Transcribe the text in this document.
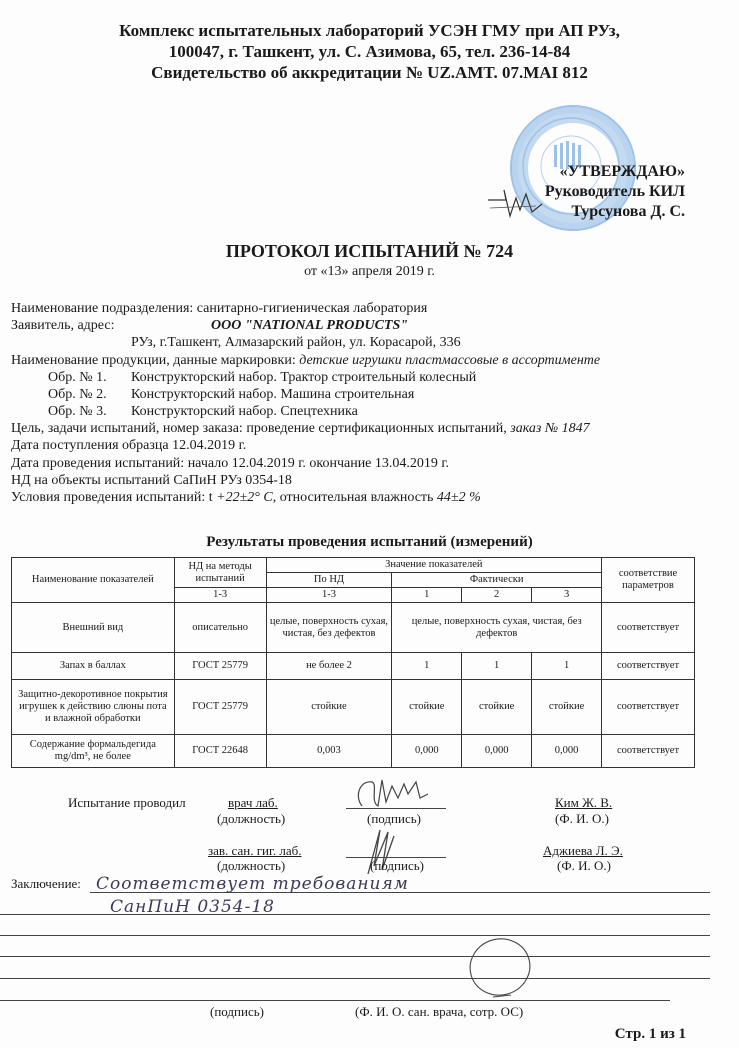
Комплекс испытательных лабораторий УСЭН ГМУ при АП РУз,
100047, г. Ташкент, ул. С. Азимова, 65, тел. 236-14-84
Свидетельство об аккредитации № UZ.AMT. 07.MAI 812
«УТВЕРЖДАЮ»
Руководитель КИЛ
Турсунова Д. С.
ПРОТОКОЛ ИСПЫТАНИЙ № 724
от «13» апреля 2019 г.
Наименование подразделения: санитарно-гигиеническая лаборатория
Заявитель, адрес:	ООО "NATIONAL PRODUCTS"
РУз, г.Ташкент, Алмазарский район, ул. Корасарой, 336
Наименование продукции, данные маркировки: детские игрушки пластмассовые в ассортименте
Обр. № 1. Конструкторский набор. Трактор строительный колесный
Обр. № 2. Конструкторский набор. Машина строительная
Обр. № 3. Конструкторский набор. Спецтехника
Цель, задачи испытаний, номер заказа: проведение сертификационных испытаний, заказ № 1847
Дата поступления образца 12.04.2019 г.
Дата проведения испытаний: начало 12.04.2019 г. окончание 13.04.2019 г.
НД на объекты испытаний СаПиН РУз 0354-18
Условия проведения испытаний: t +22±2° С, относительная влажность 44±2 %
Результаты проведения испытаний (измерений)
Наименование показателей	НД на методы испытаний	Значение показателей				соответствие параметров
		По НД	Фактически			
	1-3	1-3	1	2	3	
Внешний вид	описательно	целые, поверхность сухая, чистая, без дефектов	целые, поверхность сухая, чистая, без дефектов			соответствует
Запах в баллах	ГОСТ 25779	не более 2	1	1	1	соответствует
Защитно-декоротивное покрытия игрушек к действию слюны пота и влажной обработки	ГОСТ 25779	стойкие	стойкие	стойкие	стойкие	соответствует
Содержание формальдегида mg/dm³, не более	ГОСТ 22648	0,003	0,000	0,000	0,000	соответствует
Испытание проводил	врач лаб.
(должность)	(подпись)
Ким Ж. В.
(Ф. И. О.)
зав. сан. гиг. лаб.
(должность)	(подпись)
Аджиева Л. Э.
(Ф. И. О.)
Заключение: Соответствует требованиям
СанПиН 0354-18
(подпись)	(Ф. И. О. сан. врача, сотр. ОС)
Стр. 1 из 1
